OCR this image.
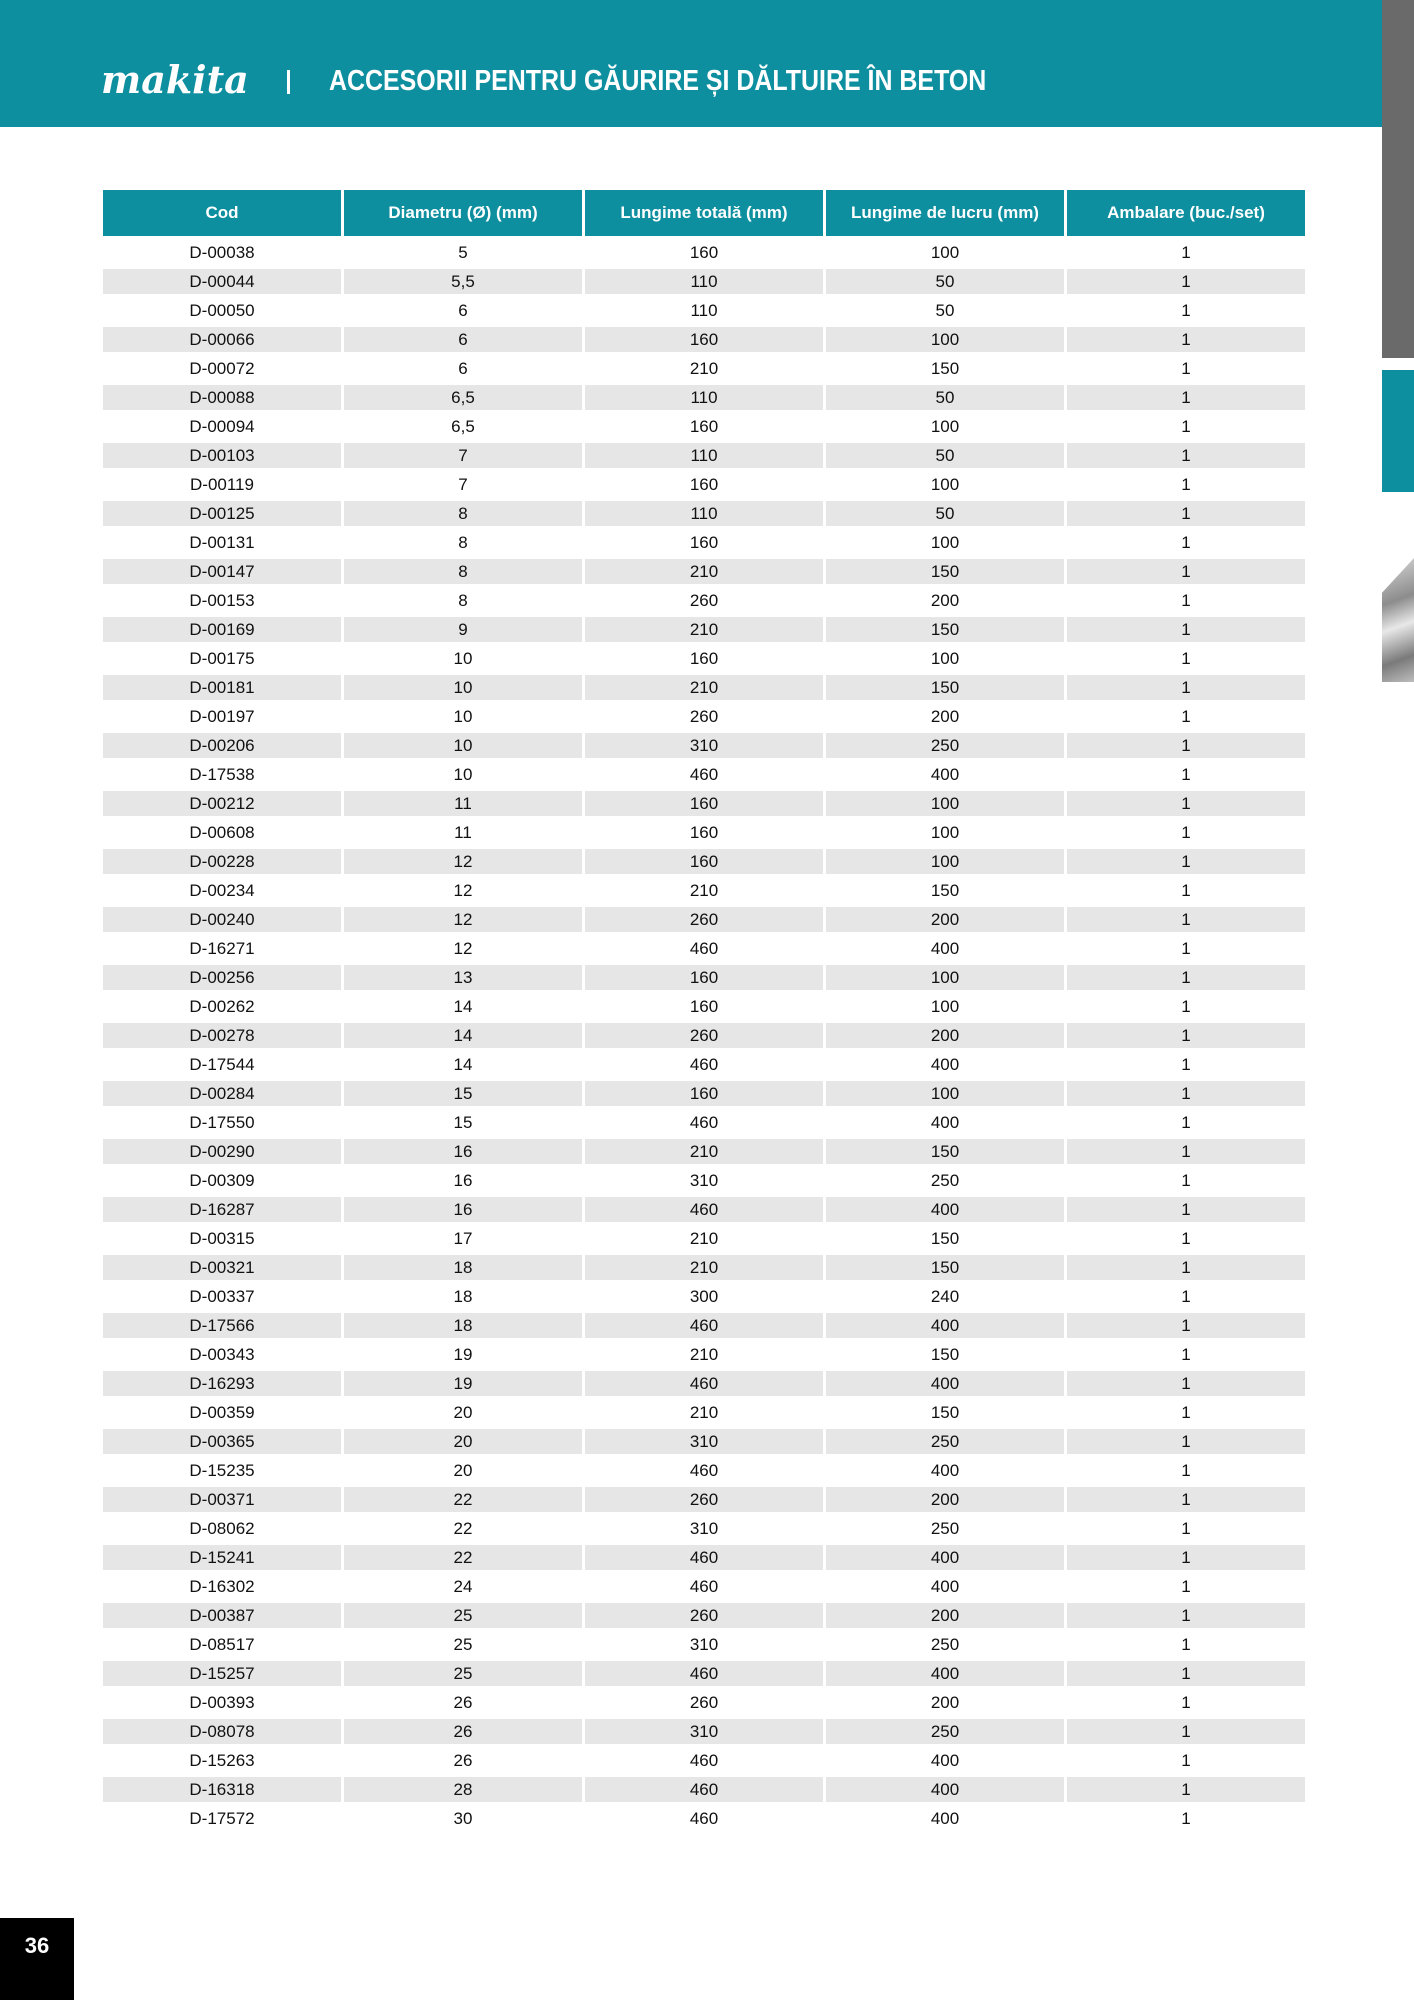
makita	ACCESORII PENTRU GĂURIRE ȘI DĂLTUIRE ÎN BETON
Cod	Diametru (Ø) (mm)	Lungime totală (mm)	Lungime de lucru (mm)	Ambalare (buc./set)
D-00038	5	160	100	1
D-00044	5,5	110	50	1
D-00050	6	110	50	1
D-00066	6	160	100	1
D-00072	6	210	150	1
D-00088	6,5	110	50	1
D-00094	6,5	160	100	1
D-00103	7	110	50	1
D-00119	7	160	100	1
D-00125	8	110	50	1
D-00131	8	160	100	1
D-00147	8	210	150	1
D-00153	8	260	200	1
D-00169	9	210	150	1
D-00175	10	160	100	1
D-00181	10	210	150	1
D-00197	10	260	200	1
D-00206	10	310	250	1
D-17538	10	460	400	1
D-00212	11	160	100	1
D-00608	11	160	100	1
D-00228	12	160	100	1
D-00234	12	210	150	1
D-00240	12	260	200	1
D-16271	12	460	400	1
D-00256	13	160	100	1
D-00262	14	160	100	1
D-00278	14	260	200	1
D-17544	14	460	400	1
D-00284	15	160	100	1
D-17550	15	460	400	1
D-00290	16	210	150	1
D-00309	16	310	250	1
D-16287	16	460	400	1
D-00315	17	210	150	1
D-00321	18	210	150	1
D-00337	18	300	240	1
D-17566	18	460	400	1
D-00343	19	210	150	1
D-16293	19	460	400	1
D-00359	20	210	150	1
D-00365	20	310	250	1
D-15235	20	460	400	1
D-00371	22	260	200	1
D-08062	22	310	250	1
D-15241	22	460	400	1
D-16302	24	460	400	1
D-00387	25	260	200	1
D-08517	25	310	250	1
D-15257	25	460	400	1
D-00393	26	260	200	1
D-08078	26	310	250	1
D-15263	26	460	400	1
D-16318	28	460	400	1
D-17572	30	460	400	1
36
